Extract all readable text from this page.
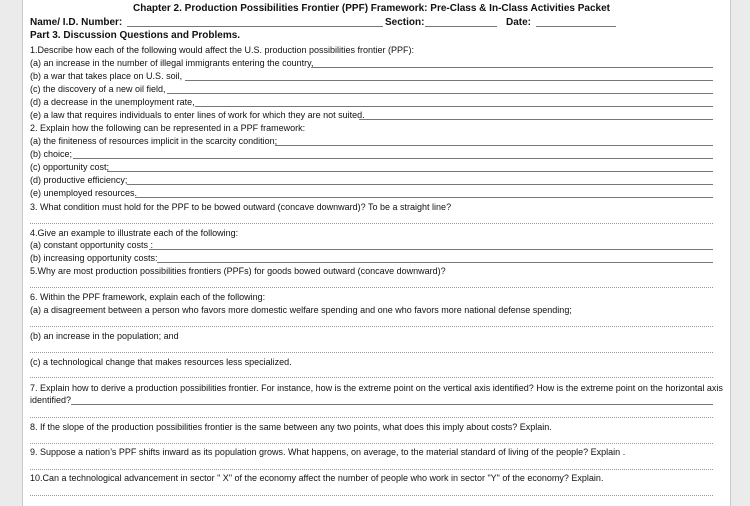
Chapter 2. Production Possibilities Frontier (PPF) Framework: Pre-Class & In-Class Activities Packet
Name/ I.D. Number:	Section:	Date:
Part 3. Discussion Questions and Problems.
1.Describe how each of the following would affect the U.S. production possibilities frontier (PPF):
(a) an increase in the number of illegal immigrants entering the country,
(b) a war that takes place on U.S. soil,
(c) the discovery of a new oil field,
(d) a decrease in the unemployment rate,
(e) a law that requires individuals to enter lines of work for which they are not suited.
2. Explain how the following can be represented in a PPF framework:
(a) the finiteness of resources implicit in the scarcity condition;
(b) choice;
(c) opportunity cost;
(d) productive efficiency;
(e) unemployed resources.
3. What condition must hold for the PPF to be bowed outward (concave downward)? To be a straight line?
4.Give an example to illustrate each of the following:
(a) constant opportunity costs :
(b) increasing opportunity costs:
5.Why are most production possibilities frontiers (PPFs) for goods bowed outward (concave downward)?
6. Within the PPF framework, explain each of the following:
(a) a disagreement between a person who favors more domestic welfare spending and one who favors more national defense spending;
(b) an increase in the population; and
(c) a technological change that makes resources less specialized.
7. Explain how to derive a production possibilities frontier. For instance, how is the extreme point on the vertical axis identified? How is the extreme point on the horizontal axis
identified?
8. If the slope of the production possibilities frontier is the same between any two points, what does this imply about costs? Explain.
9. Suppose a nation’s PPF shifts inward as its population grows. What happens, on average, to the material standard of living of the people? Explain .
10.Can a technological advancement in sector " X" of the economy affect the number of people who work in sector "Y" of the economy? Explain.
